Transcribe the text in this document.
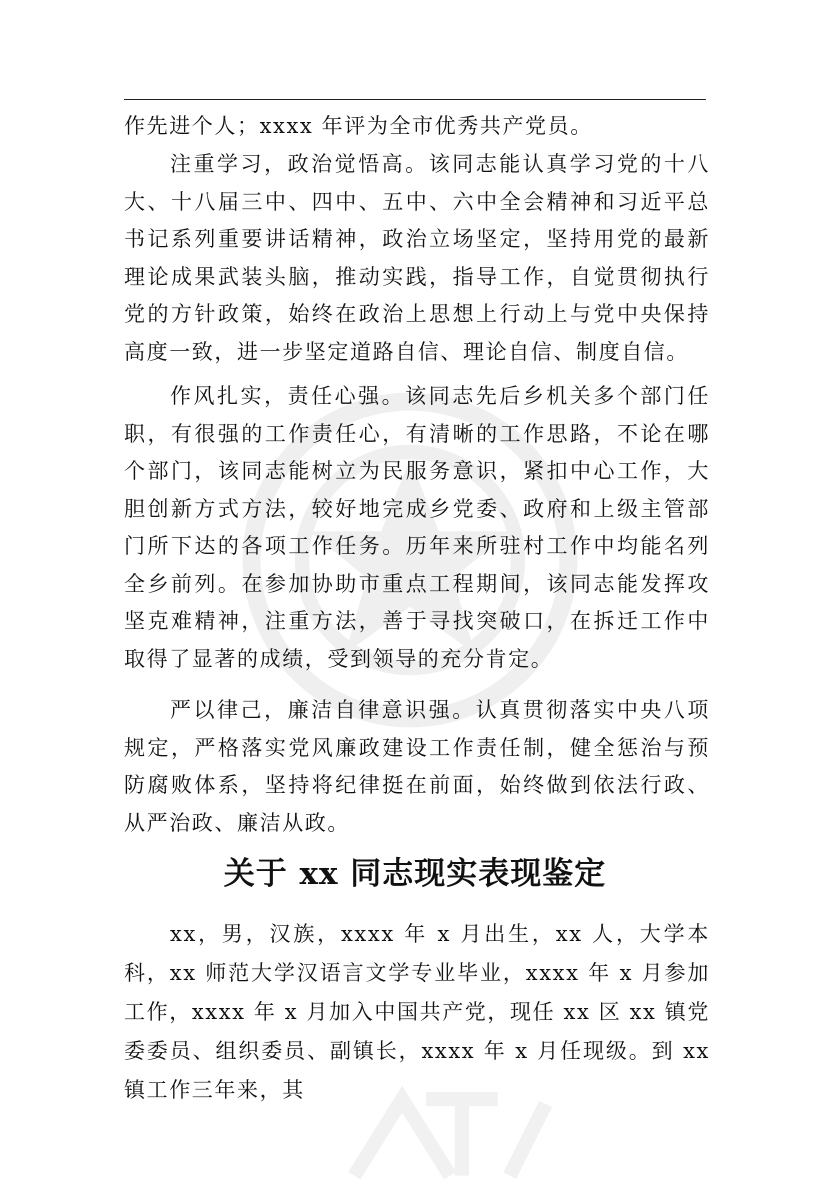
作先进个人；xxxx 年评为全市优秀共产党员。

注重学习，政治觉悟高。该同志能认真学习党的十八大、十八届三中、四中、五中、六中全会精神和习近平总书记系列重要讲话精神，政治立场坚定，坚持用党的最新理论成果武装头脑，推动实践，指导工作，自觉贯彻执行党的方针政策，始终在政治上思想上行动上与党中央保持高度一致，进一步坚定道路自信、理论自信、制度自信。

作风扎实，责任心强。该同志先后乡机关多个部门任职，有很强的工作责任心，有清晰的工作思路，不论在哪个部门，该同志能树立为民服务意识，紧扣中心工作，大胆创新方式方法，较好地完成乡党委、政府和上级主管部门所下达的各项工作任务。历年来所驻村工作中均能名列全乡前列。在参加协助市重点工程期间，该同志能发挥攻坚克难精神，注重方法，善于寻找突破口，在拆迁工作中取得了显著的成绩，受到领导的充分肯定。

严以律己，廉洁自律意识强。认真贯彻落实中央八项规定，严格落实党风廉政建设工作责任制，健全惩治与预防腐败体系，坚持将纪律挺在前面，始终做到依法行政、从严治政、廉洁从政。

关于 xx 同志现实表现鉴定

xx，男，汉族，xxxx 年 x 月出生，xx 人，大学本科，xx 师范大学汉语言文学专业毕业，xxxx 年 x 月参加工作，xxxx 年 x 月加入中国共产党，现任 xx 区 xx 镇党委委员、组织委员、副镇长，xxxx 年 x 月任现级。到 xx 镇工作三年来，其
